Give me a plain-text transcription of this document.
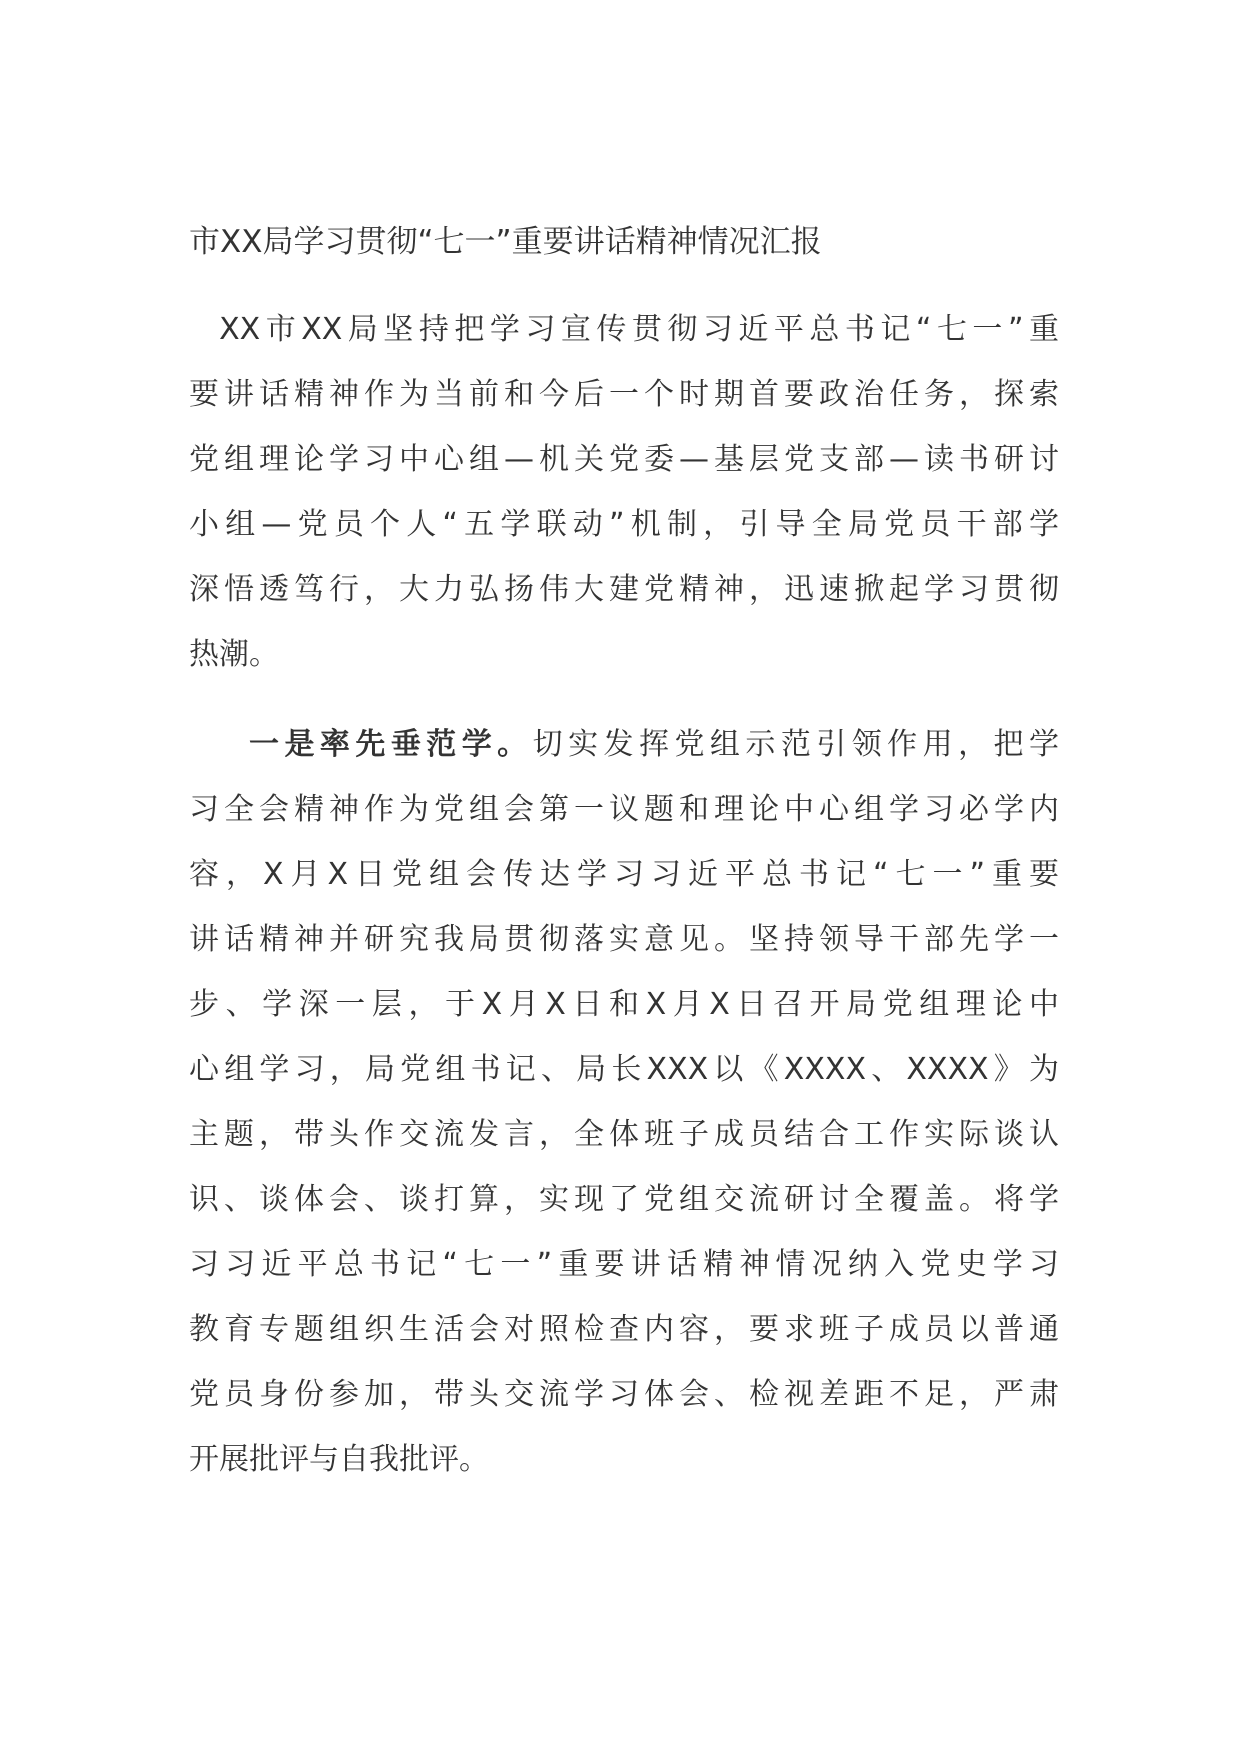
市XX局学习贯彻“七一”重要讲话精神情况汇报
XX市XX局坚持把学习宣传贯彻习近平总书记“七一”重
要讲话精神作为当前和今后一个时期首要政治任务，探索
党组理论学习中心组—机关党委—基层党支部—读书研讨
小组—党员个人“五学联动”机制，引导全局党员干部学
深悟透笃行，大力弘扬伟大建党精神，迅速掀起学习贯彻
热潮。
一是率先垂范学。切实发挥党组示范引领作用，把学
习全会精神作为党组会第一议题和理论中心组学习必学内
容，X月X日党组会传达学习习近平总书记“七一”重要
讲话精神并研究我局贯彻落实意见。坚持领导干部先学一
步、学深一层，于X月X日和X月X日召开局党组理论中
心组学习，局党组书记、局长XXX以《XXXX、XXXX》为
主题，带头作交流发言，全体班子成员结合工作实际谈认
识、谈体会、谈打算，实现了党组交流研讨全覆盖。将学
习习近平总书记“七一”重要讲话精神情况纳入党史学习
教育专题组织生活会对照检查内容，要求班子成员以普通
党员身份参加，带头交流学习体会、检视差距不足，严肃
开展批评与自我批评。
